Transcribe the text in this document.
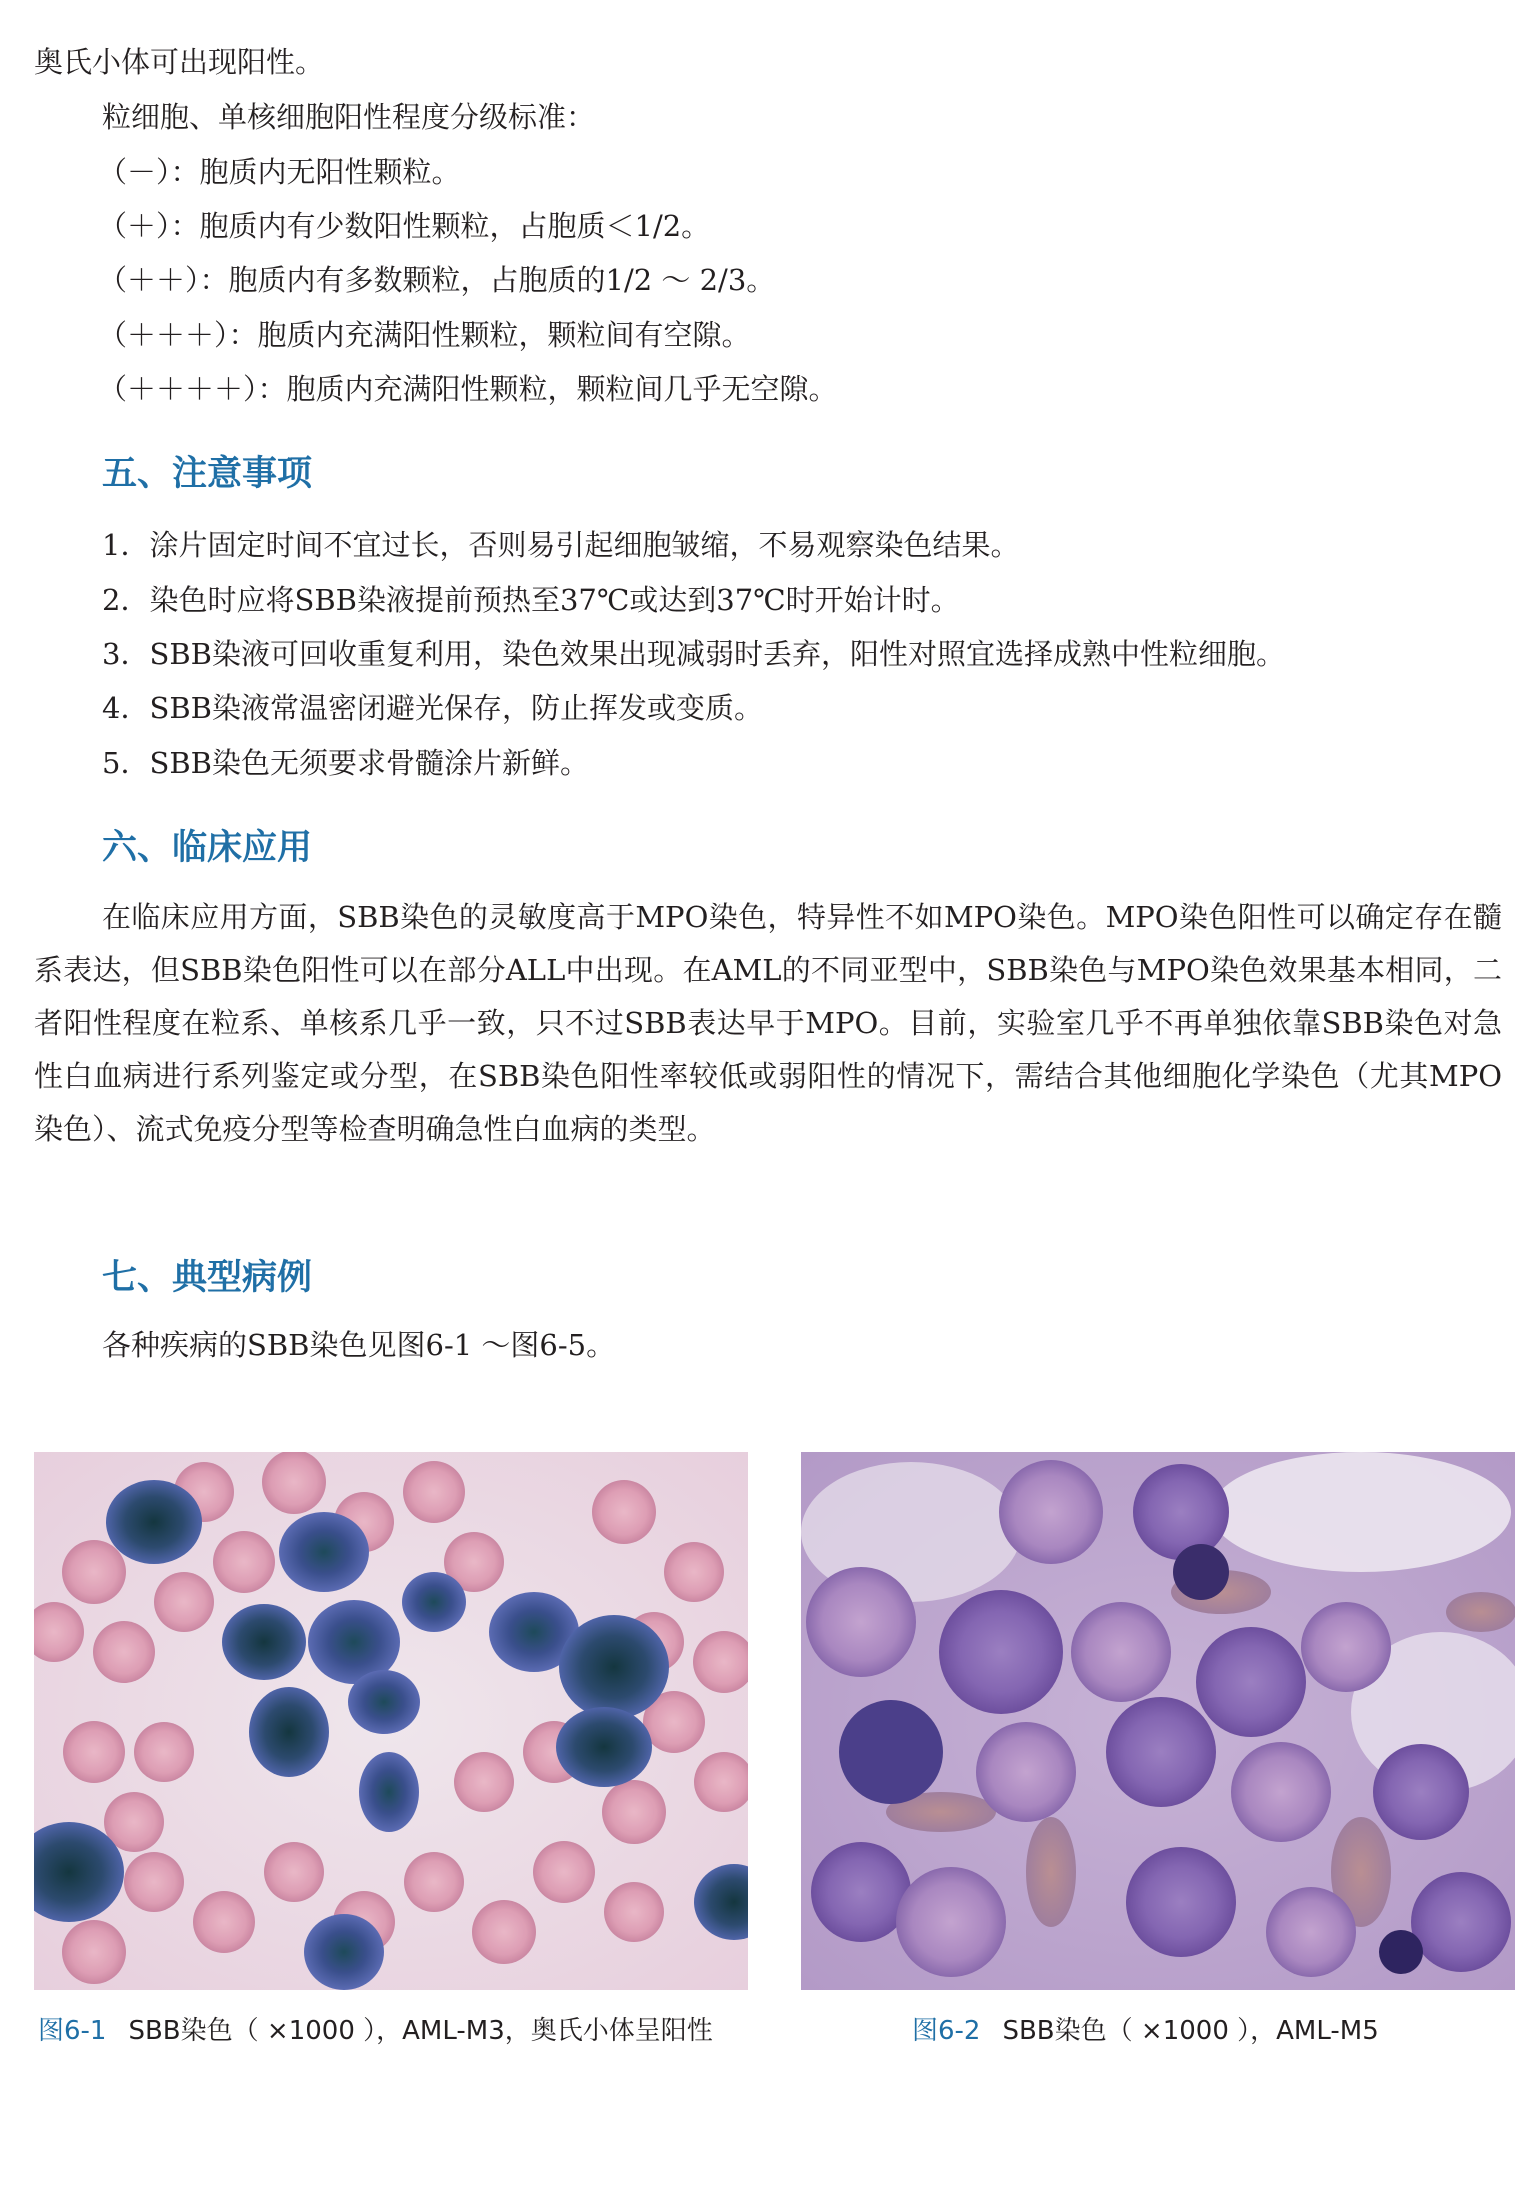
奥氏小体可出现阳性。
粒细胞、单核细胞阳性程度分级标准：
（－）：胞质内无阳性颗粒。
（＋）：胞质内有少数阳性颗粒，占胞质＜1/2。
（＋＋）：胞质内有多数颗粒，占胞质的1/2 ～ 2/3。
（＋＋＋）：胞质内充满阳性颗粒，颗粒间有空隙。
（＋＋＋＋）：胞质内充满阳性颗粒，颗粒间几乎无空隙。
五、注意事项
1．涂片固定时间不宜过长，否则易引起细胞皱缩，不易观察染色结果。
2．染色时应将SBB染液提前预热至37℃或达到37℃时开始计时。
3．SBB染液可回收重复利用，染色效果出现减弱时丢弃，阳性对照宜选择成熟中性粒细胞。
4．SBB染液常温密闭避光保存，防止挥发或变质。
5．SBB染色无须要求骨髓涂片新鲜。
六、临床应用
在临床应用方面，SBB染色的灵敏度高于MPO染色，特异性不如MPO染色。MPO染色阳性可以确定存在髓系表达，但SBB染色阳性可以在部分ALL中出现。在AML的不同亚型中，SBB染色与MPO染色效果基本相同，二者阳性程度在粒系、单核系几乎一致，只不过SBB表达早于MPO。目前，实验室几乎不再单独依靠SBB染色对急性白血病进行系列鉴定或分型，在SBB染色阳性率较低或弱阳性的情况下，需结合其他细胞化学染色（尤其MPO染色）、流式免疫分型等检查明确急性白血病的类型。
七、典型病例
各种疾病的SBB染色见图6-1 ～图6-5。
图6-1 SBB染色（ ×1000 ），AML-M3，奥氏小体呈阳性	图6-2 SBB染色（ ×1000 ），AML-M5
